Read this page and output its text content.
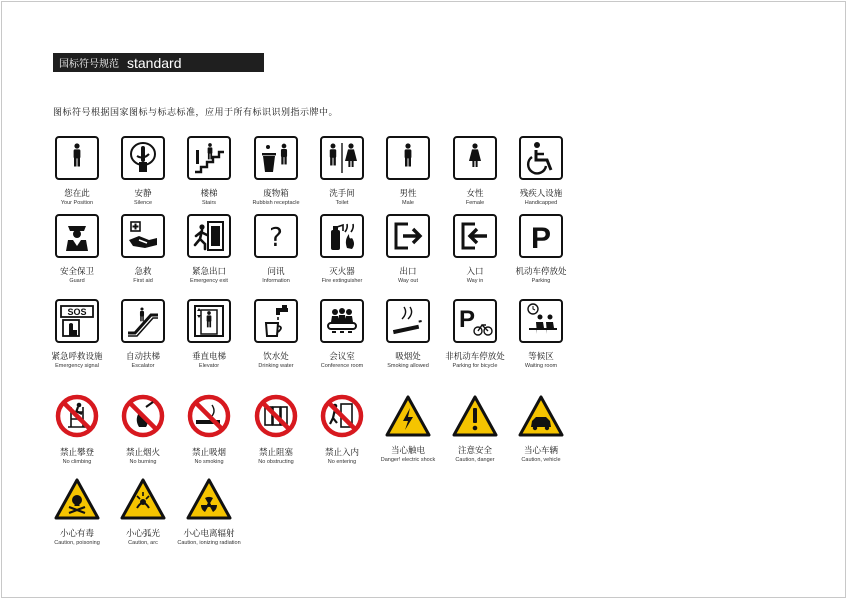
国标符号规范 standard
图标符号根据国家图标与标志标准，应用于所有标识识别指示牌中。
您在此
Your Position
安静
Silence
楼梯
Stairs
废物箱
Rubbish receptacle
洗手间
Toilet
男性
Male
女性
Female
残疾人设施
Handicapped
安全保卫
Guard
急救
First aid
紧急出口
Emergency exit
?
问讯
Information
灭火器
Fire extinguisher
出口
Way out
入口
Way in
P
机动车停放处
Parking
SOS
紧急呼救设施
Emergency signal
自动扶梯
Escalator
垂直电梯
Elevator
饮水处
Drinking water
会议室
Conference room
吸烟处
Smoking allowed
P
非机动车停放处
Parking for bicycle
等候区
Waiting room
禁止攀登
No climbing
禁止烟火
No burning
禁止吸烟
No smoking
禁止阻塞
No obstructing
禁止入内
No entering
当心触电
Danger! electric shock
注意安全
Caution, danger
当心车辆
Caution, vehicle
小心有毒
Caution, poisoning
小心弧光
Caution, arc
小心电离辐射
Caution, ionizing radiation
